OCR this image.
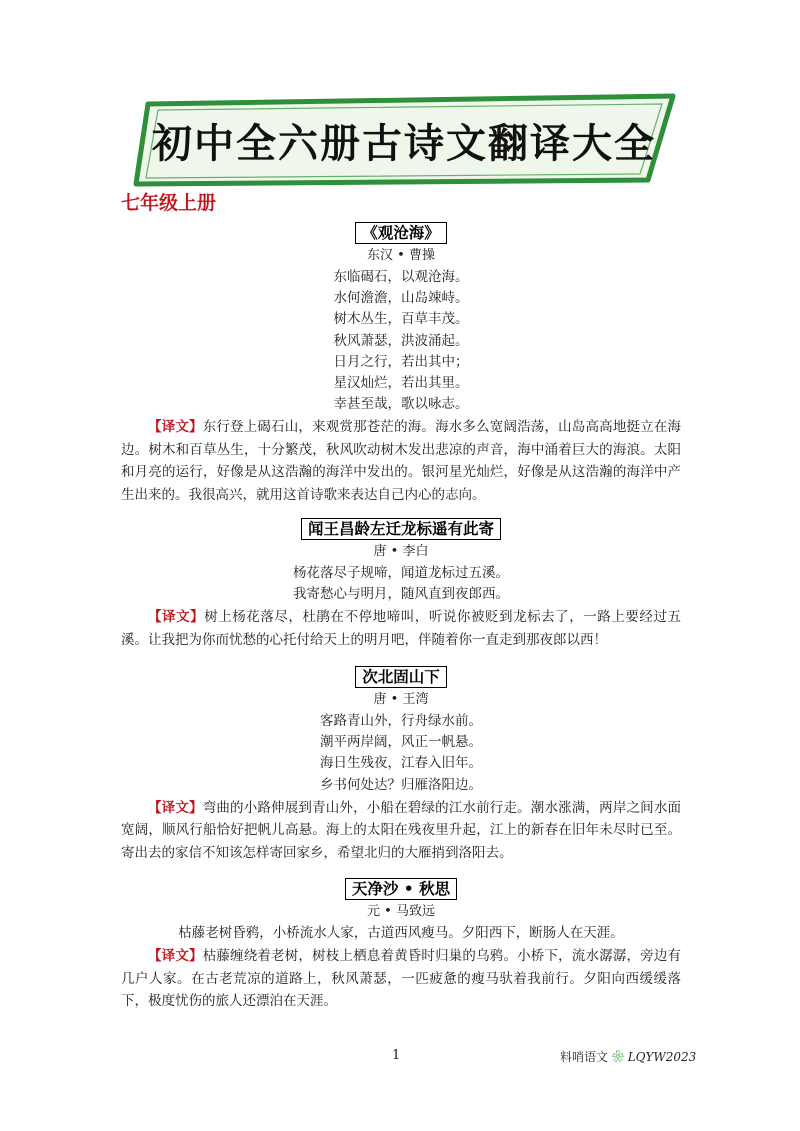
初中全六册古诗文翻译大全
七年级上册
《观沧海》
东汉 • 曹操
东临碣石，以观沧海。
水何澹澹，山岛竦峙。
树木丛生，百草丰茂。
秋风萧瑟，洪波涌起。
日月之行，若出其中；
星汉灿烂，若出其里。
幸甚至哉，歌以咏志。

【译文】东行登上碣石山，来观赏那苍茫的海。海水多么宽阔浩荡，山岛高高地挺立在海边。树木和百草丛生，十分繁茂，秋风吹动树木发出悲凉的声音，海中涌着巨大的海浪。太阳和月亮的运行，好像是从这浩瀚的海洋中发出的。银河星光灿烂，好像是从这浩瀚的海洋中产生出来的。我很高兴，就用这首诗歌来表达自己内心的志向。

闻王昌龄左迁龙标遥有此寄
唐 • 李白
杨花落尽子规啼，闻道龙标过五溪。
我寄愁心与明月，随风直到夜郎西。

【译文】树上杨花落尽，杜鹃在不停地啼叫，听说你被贬到龙标去了，一路上要经过五溪。让我把为你而忧愁的心托付给天上的明月吧，伴随着你一直走到那夜郎以西！

次北固山下
唐 • 王湾
客路青山外，行舟绿水前。
潮平两岸阔，风正一帆悬。
海日生残夜，江春入旧年。
乡书何处达？归雁洛阳边。

【译文】弯曲的小路伸展到青山外，小船在碧绿的江水前行走。潮水涨满，两岸之间水面宽阔，顺风行船恰好把帆儿高悬。海上的太阳在残夜里升起，江上的新春在旧年未尽时已至。寄出去的家信不知该怎样寄回家乡，希望北归的大雁捎到洛阳去。

天净沙 • 秋思
元 • 马致远
枯藤老树昏鸦，小桥流水人家，古道西风瘦马。夕阳西下，断肠人在天涯。

【译文】枯藤缠绕着老树，树枝上栖息着黄昏时归巢的乌鸦。小桥下，流水潺潺，旁边有几户人家。在古老荒凉的道路上，秋风萧瑟，一匹疲惫的瘦马驮着我前行。夕阳向西缓缓落下，极度忧伤的旅人还漂泊在天涯。

1	料哨语文 ❀ LQYW2023
